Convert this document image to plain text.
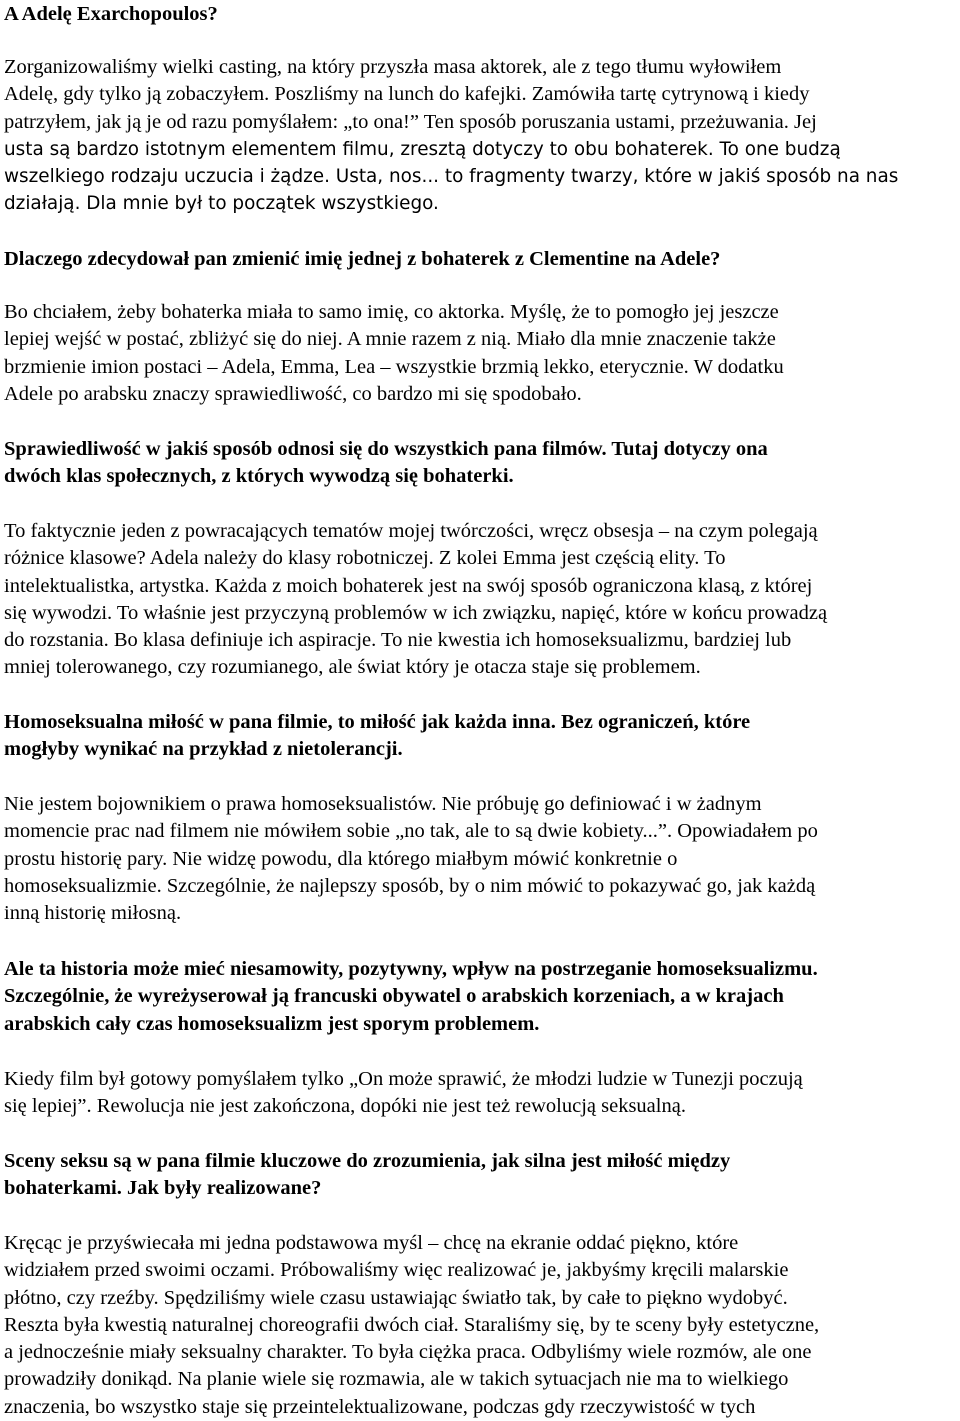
A Adelę Exarchopoulos?

Zorganizowaliśmy wielki casting, na który przyszła masa aktorek, ale z tego tłumu wyłowiłem
Adelę, gdy tylko ją zobaczyłem. Poszliśmy na lunch do kafejki. Zamówiła tartę cytrynową i kiedy
patrzyłem, jak ją je od razu pomyślałem: „to ona!” Ten sposób poruszania ustami, przeżuwania. Jej
usta są bardzo istotnym elementem filmu, zresztą dotyczy to obu bohaterek. To one budzą
wszelkiego rodzaju uczucia i żądze. Usta, nos... to fragmenty twarzy, które w jakiś sposób na nas
działają. Dla mnie był to początek wszystkiego.

Dlaczego zdecydował pan zmienić imię jednej z bohaterek z Clementine na Adele?

Bo chciałem, żeby bohaterka miała to samo imię, co aktorka. Myślę, że to pomogło jej jeszcze
lepiej wejść w postać, zbliżyć się do niej. A mnie razem z nią. Miało dla mnie znaczenie także
brzmienie imion postaci – Adela, Emma, Lea – wszystkie brzmią lekko, eterycznie. W dodatku
Adele po arabsku znaczy sprawiedliwość, co bardzo mi się spodobało.

Sprawiedliwość w jakiś sposób odnosi się do wszystkich pana filmów. Tutaj dotyczy ona
dwóch klas społecznych, z których wywodzą się bohaterki.

To faktycznie jeden z powracających tematów mojej twórczości, wręcz obsesja – na czym polegają
różnice klasowe? Adela należy do klasy robotniczej. Z kolei Emma jest częścią elity. To
intelektualistka, artystka. Każda z moich bohaterek jest na swój sposób ograniczona klasą, z której
się wywodzi. To właśnie jest przyczyną problemów w ich związku, napięć, które w końcu prowadzą
do rozstania. Bo klasa definiuje ich aspiracje. To nie kwestia ich homoseksualizmu, bardziej lub
mniej tolerowanego, czy rozumianego, ale świat który je otacza staje się problemem.

Homoseksualna miłość w pana filmie, to miłość jak każda inna. Bez ograniczeń, które
mogłyby wynikać na przykład z nietolerancji.

Nie jestem bojownikiem o prawa homoseksualistów. Nie próbuję go definiować i w żadnym
momencie prac nad filmem nie mówiłem sobie „no tak, ale to są dwie kobiety...”. Opowiadałem po
prostu historię pary. Nie widzę powodu, dla którego miałbym mówić konkretnie o
homoseksualizmie. Szczególnie, że najlepszy sposób, by o nim mówić to pokazywać go, jak każdą
inną historię miłosną.

Ale ta historia może mieć niesamowity, pozytywny, wpływ na postrzeganie homoseksualizmu.
Szczególnie, że wyreżyserował ją francuski obywatel o arabskich korzeniach, a w krajach
arabskich cały czas homoseksualizm jest sporym problemem.

Kiedy film był gotowy pomyślałem tylko „On może sprawić, że młodzi ludzie w Tunezji poczują
się lepiej”. Rewolucja nie jest zakończona, dopóki nie jest też rewolucją seksualną.

Sceny seksu są w pana filmie kluczowe do zrozumienia, jak silna jest miłość między
bohaterkami. Jak były realizowane?

Kręcąc je przyświecała mi jedna podstawowa myśl – chcę na ekranie oddać piękno, które
widziałem przed swoimi oczami. Próbowaliśmy więc realizować je, jakbyśmy kręcili malarskie
płótno, czy rzeźby. Spędziliśmy wiele czasu ustawiając światło tak, by całe to piękno wydobyć.
Reszta była kwestią naturalnej choreografii dwóch ciał. Staraliśmy się, by te sceny były estetyczne,
a jednocześnie miały seksualny charakter. To była ciężka praca. Odbyliśmy wiele rozmów, ale one
prowadziły donikąd. Na planie wiele się rozmawia, ale w takich sytuacjach nie ma to wielkiego
znaczenia, bo wszystko staje się przeintelektualizowane, podczas gdy rzeczywistość w tych
